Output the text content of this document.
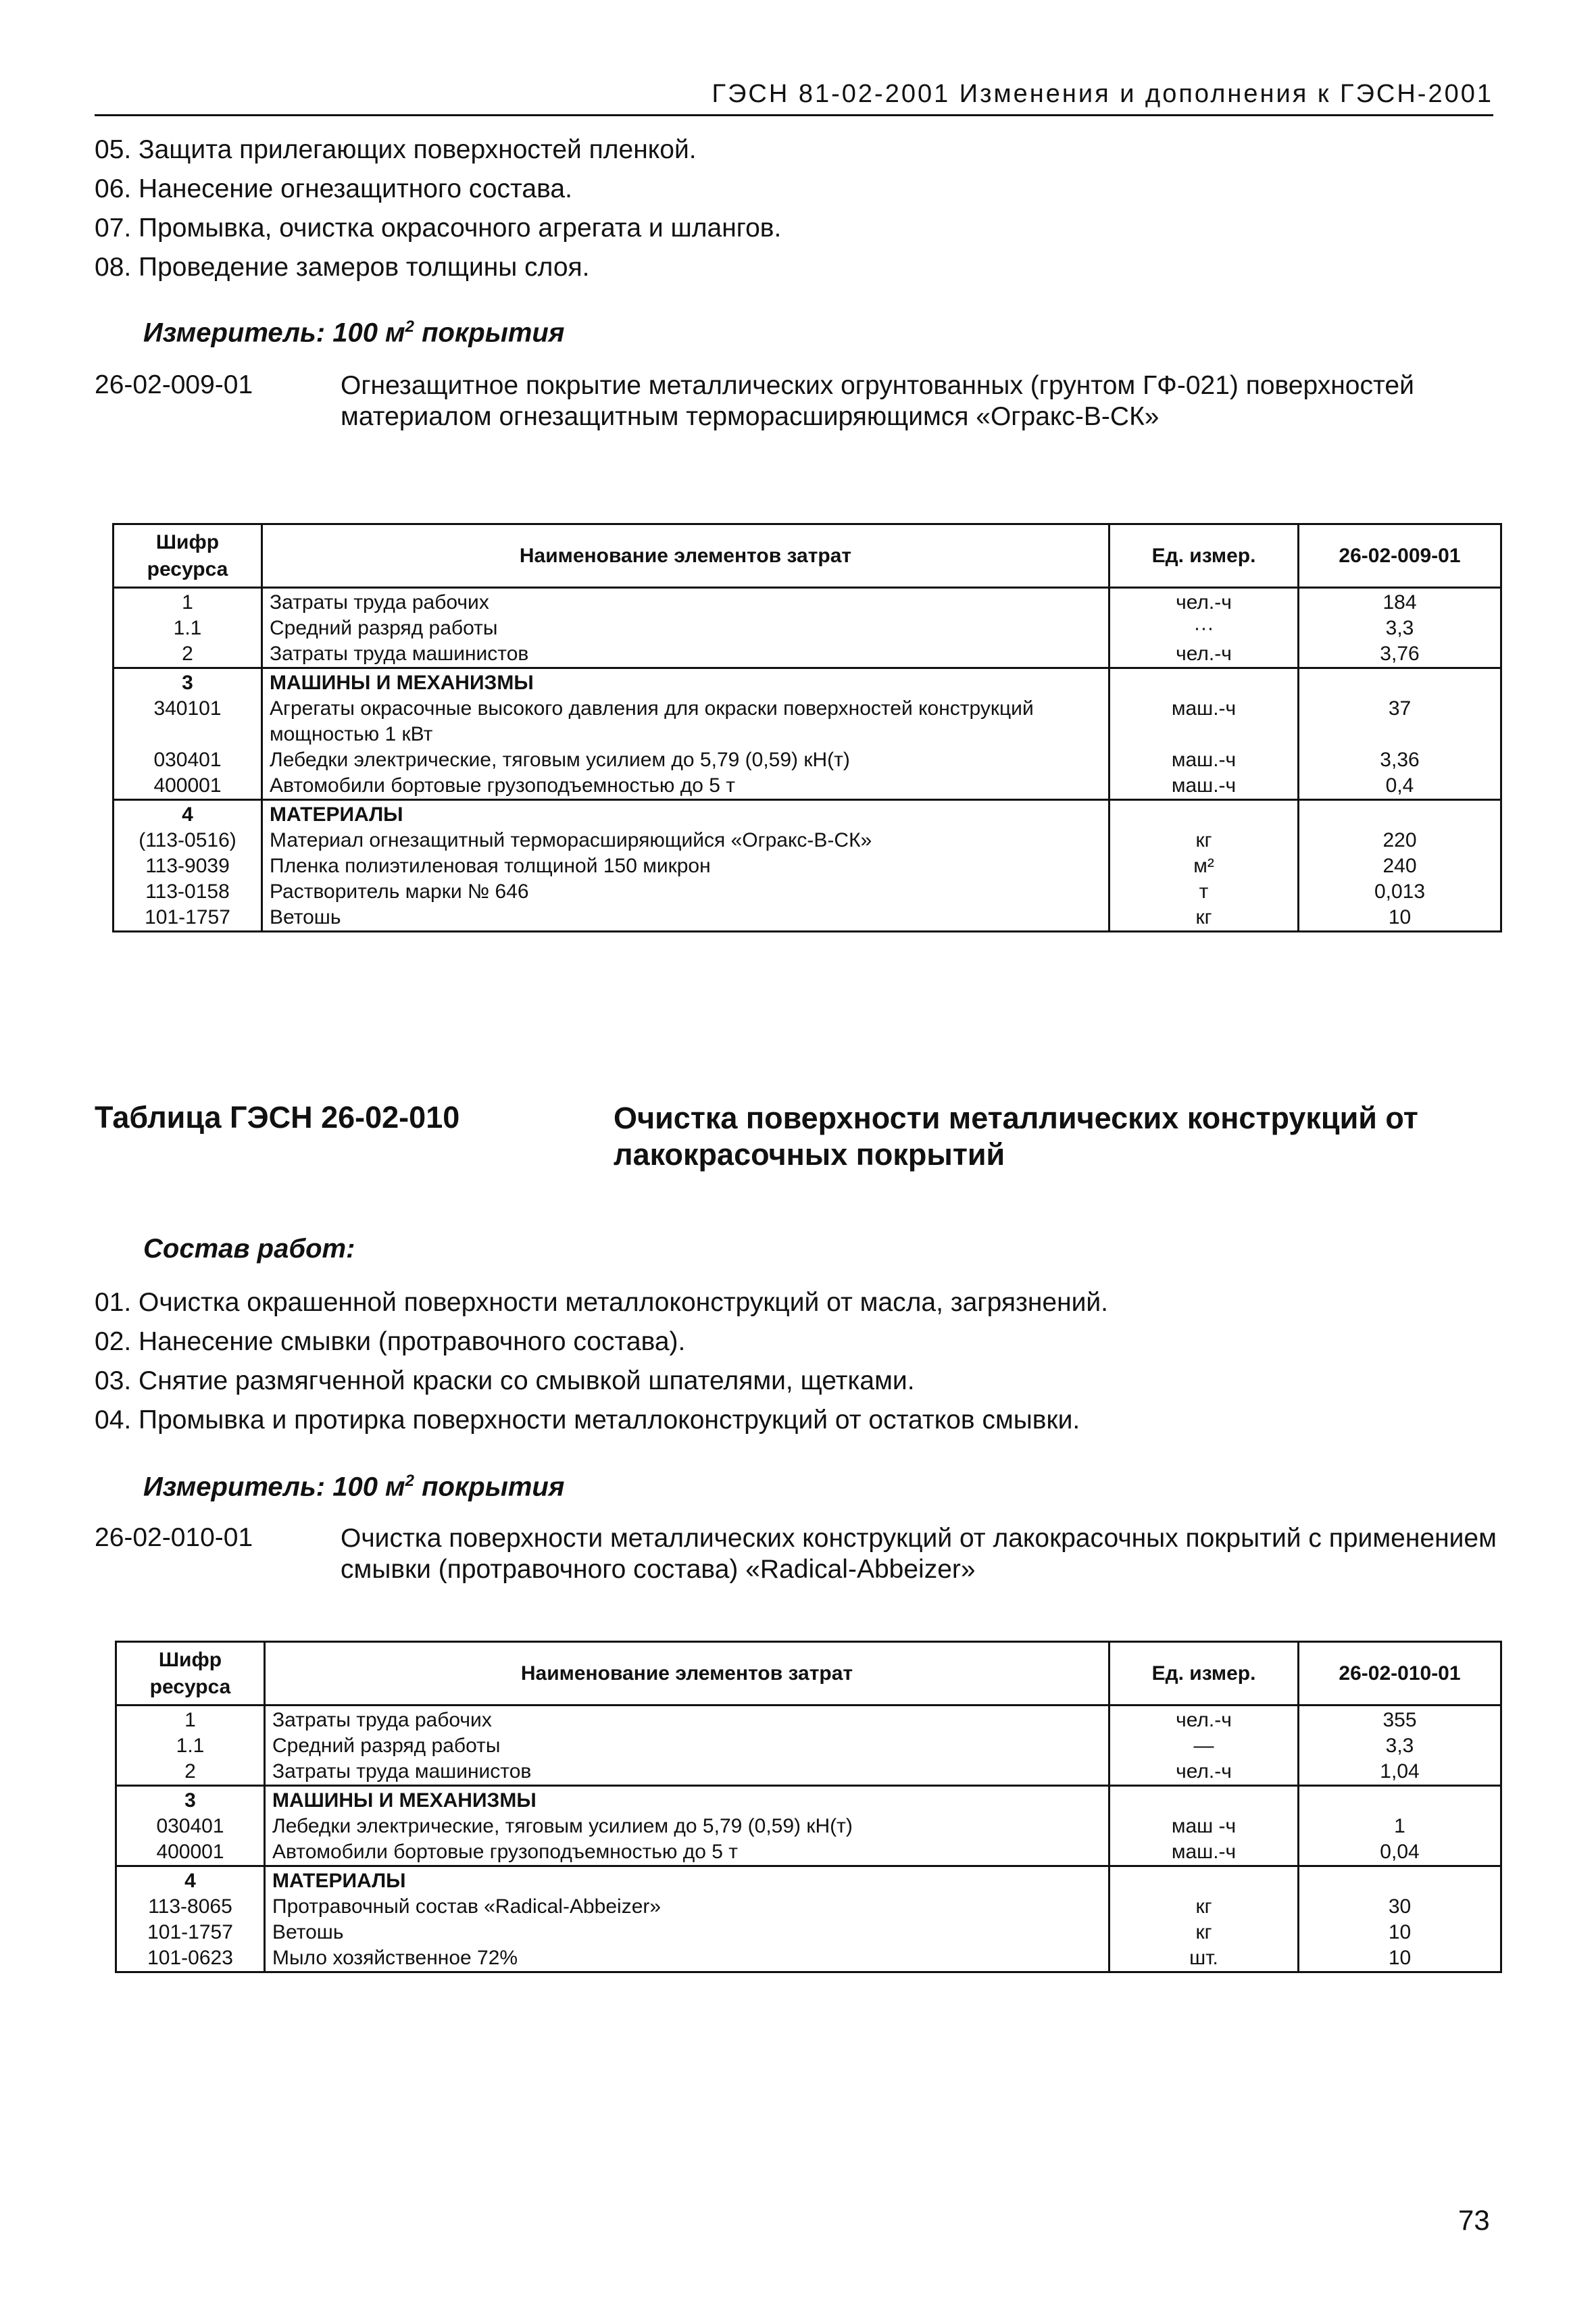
ГЭСН 81-02-2001 Изменения и дополнения к ГЭСН-2001
05. Защита прилегающих поверхностей пленкой.
06. Нанесение огнезащитного состава.
07. Промывка, очистка окрасочного агрегата и шлангов.
08. Проведение замеров толщины слоя.
Измеритель: 100 $м^2$ покрытия
26-02-009-01	Огнезащитное покрытие металлических огрунтованных (грунтом ГФ-021) поверхностей материалом огнезащитным терморасширяющимся «Огракс-В-СК»
Шифр ресурса	Наименование элементов затрат	Ед. измер.	26-02-009-01
1	Затраты труда рабочих	чел.-ч	184
1.1	Средний разряд работы	···	3,3
2	Затраты труда машинистов	чел.-ч	3,76
3	МАШИНЫ И МЕХАНИЗМЫ		
340101	Агрегаты окрасочные высокого давления для окраски поверхностей конструкций мощностью 1 кВт	маш.-ч	37
030401	Лебедки электрические, тяговым усилием до 5,79 (0,59) кН(т)	маш.-ч	3,36
400001	Автомобили бортовые грузоподъемностью до 5 т	маш.-ч	0,4
4	МАТЕРИАЛЫ		
(113-0516)	Материал огнезащитный терморасширяющийся «Огракс-В-СК»	кг	220
113-9039	Пленка полиэтиленовая толщиной 150 микрон	м²	240
113-0158	Растворитель марки № 646	т	0,013
101-1757	Ветошь	кг	10
Таблица ГЭСН 26-02-010	Очистка поверхности металлических конструкций от лакокрасочных покрытий
Состав работ:
01. Очистка окрашенной поверхности металлоконструкций от масла, загрязнений.
02. Нанесение смывки (протравочного состава).
03. Снятие размягченной краски со смывкой шпателями, щетками.
04. Промывка и протирка поверхности металлоконструкций от остатков смывки.
Измеритель: 100 $м^2$ покрытия
26-02-010-01	Очистка поверхности металлических конструкций от лакокрасочных покрытий с применением смывки (протравочного состава) «Radical-Abbeizer»
Шифр ресурса	Наименование элементов затрат	Ед. измер.	26-02-010-01
1	Затраты труда рабочих	чел.-ч	355
1.1	Средний разряд работы	—	3,3
2	Затраты труда машинистов	чел.-ч	1,04
3	МАШИНЫ И МЕХАНИЗМЫ		
030401	Лебедки электрические, тяговым усилием до 5,79 (0,59) кН(т)	маш -ч	1
400001	Автомобили бортовые грузоподъемностью до 5 т	маш.-ч	0,04
4	МАТЕРИАЛЫ		
113-8065	Протравочный состав «Radical-Abbeizer»	кг	30
101-1757	Ветошь	кг	10
101-0623	Мыло хозяйственное 72%	шт.	10
73
